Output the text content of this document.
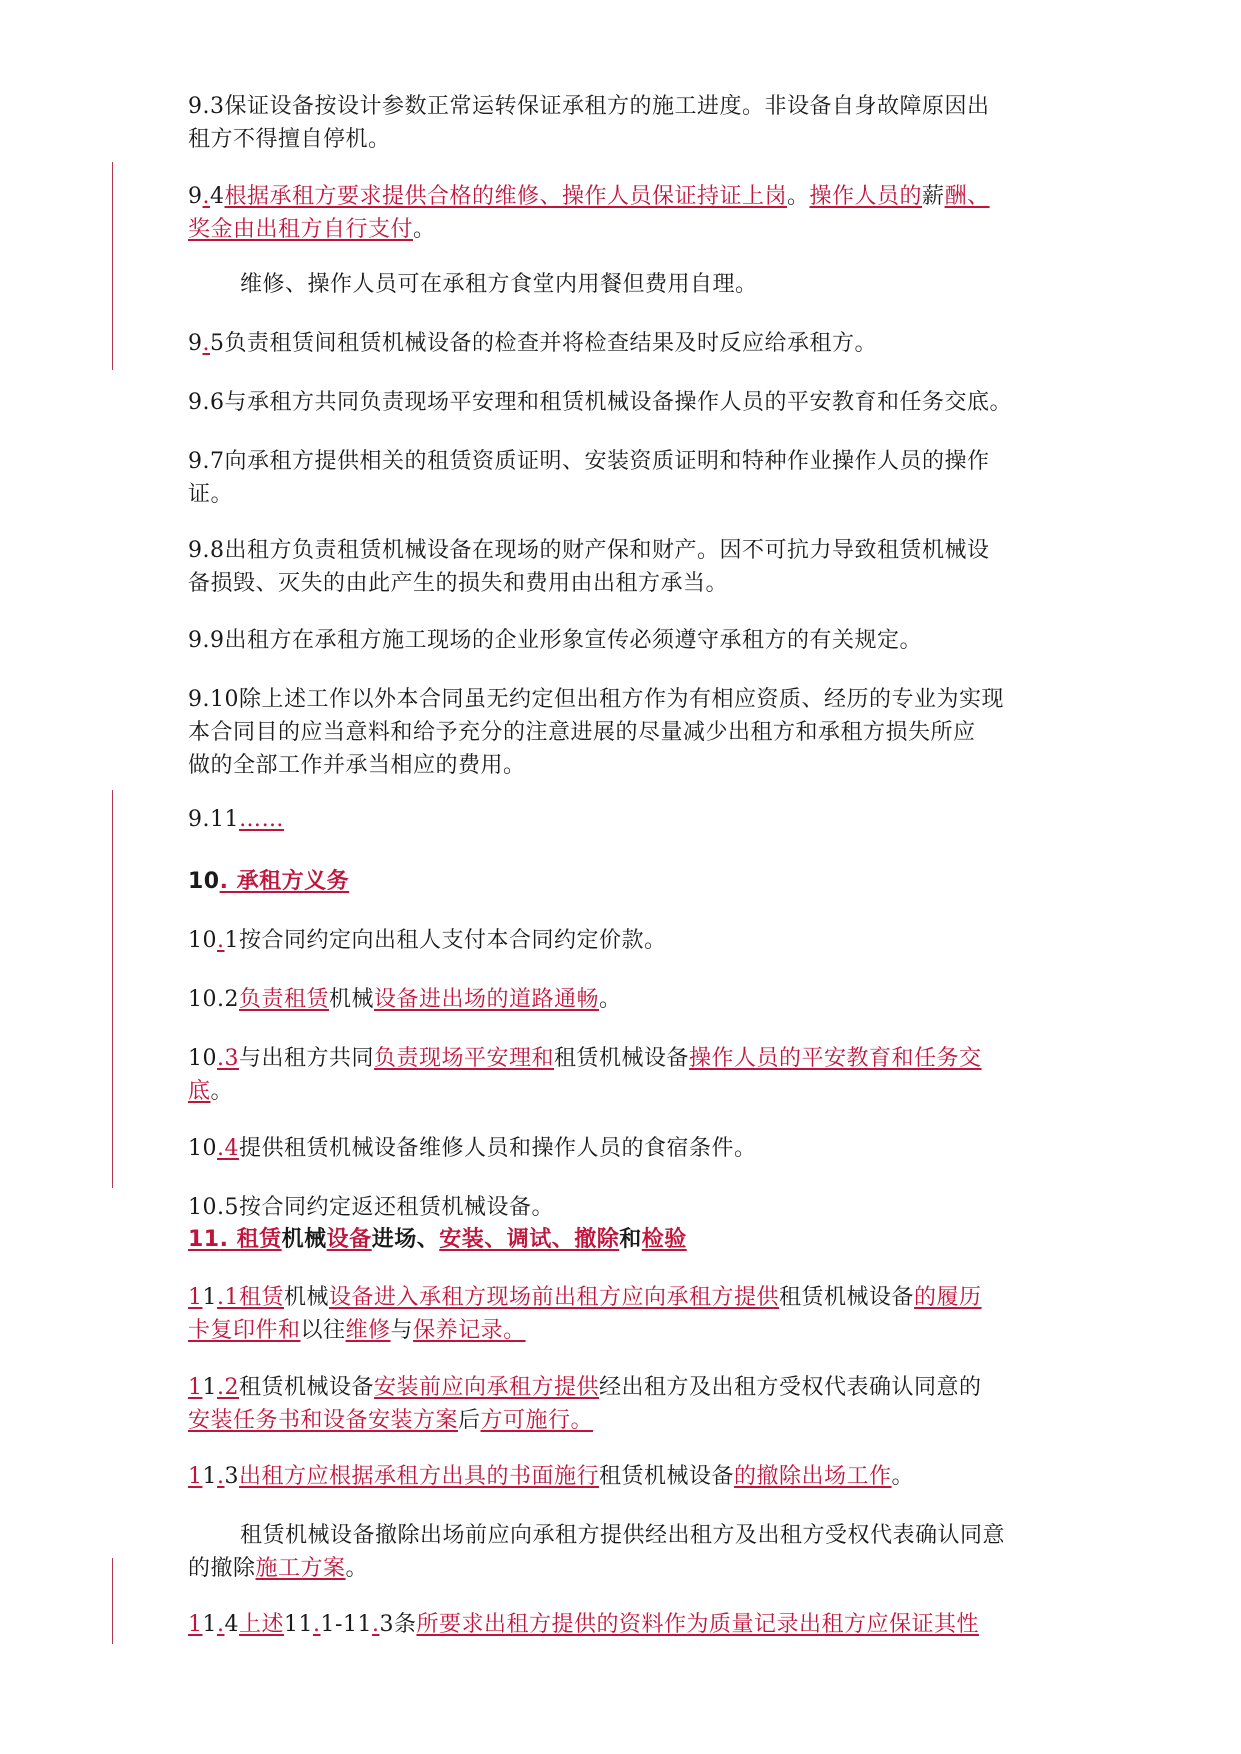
9.3保证设备按设计参数正常运转保证承租方的施工进度。非设备自身故障原因出
租方不得擅自停机。

9.4根据承租方要求提供合格的维修、操作人员保证持证上岗。操作人员的薪酬、
奖金由出租方自行支付。

维修、操作人员可在承租方食堂内用餐但费用自理。

9.5负责租赁间租赁机械设备的检查并将检查结果及时反应给承租方。

9.6与承租方共同负责现场平安理和租赁机械设备操作人员的平安教育和任务交底。

9.7向承租方提供相关的租赁资质证明、安装资质证明和特种作业操作人员的操作
证。

9.8出租方负责租赁机械设备在现场的财产保和财产。因不可抗力导致租赁机械设
备损毁、灭失的由此产生的损失和费用由出租方承当。

9.9出租方在承租方施工现场的企业形象宣传必须遵守承租方的有关规定。

9.10除上述工作以外本合同虽无约定但出租方作为有相应资质、经历的专业为实现
本合同目的应当意料和给予充分的注意进展的尽量减少出租方和承租方损失所应
做的全部工作并承当相应的费用。

9.11……

10. 承租方义务

10.1按合同约定向出租人支付本合同约定价款。

10.2负责租赁机械设备进出场的道路通畅。

10.3与出租方共同负责现场平安理和租赁机械设备操作人员的平安教育和任务交
底。

10.4提供租赁机械设备维修人员和操作人员的食宿条件。

10.5按合同约定返还租赁机械设备。

11. 租赁机械设备进场、安装、调试、撤除和检验

11.1租赁机械设备进入承租方现场前出租方应向承租方提供租赁机械设备的履历
卡复印件和以往维修与保养记录。

11.2租赁机械设备安装前应向承租方提供经出租方及出租方受权代表确认同意的
安装任务书和设备安装方案后方可施行。

11.3出租方应根据承租方出具的书面施行租赁机械设备的撤除出场工作。

租赁机械设备撤除出场前应向承租方提供经出租方及出租方受权代表确认同意
的撤除施工方案。

11.4上述11.1-11.3条所要求出租方提供的资料作为质量记录出租方应保证其性
